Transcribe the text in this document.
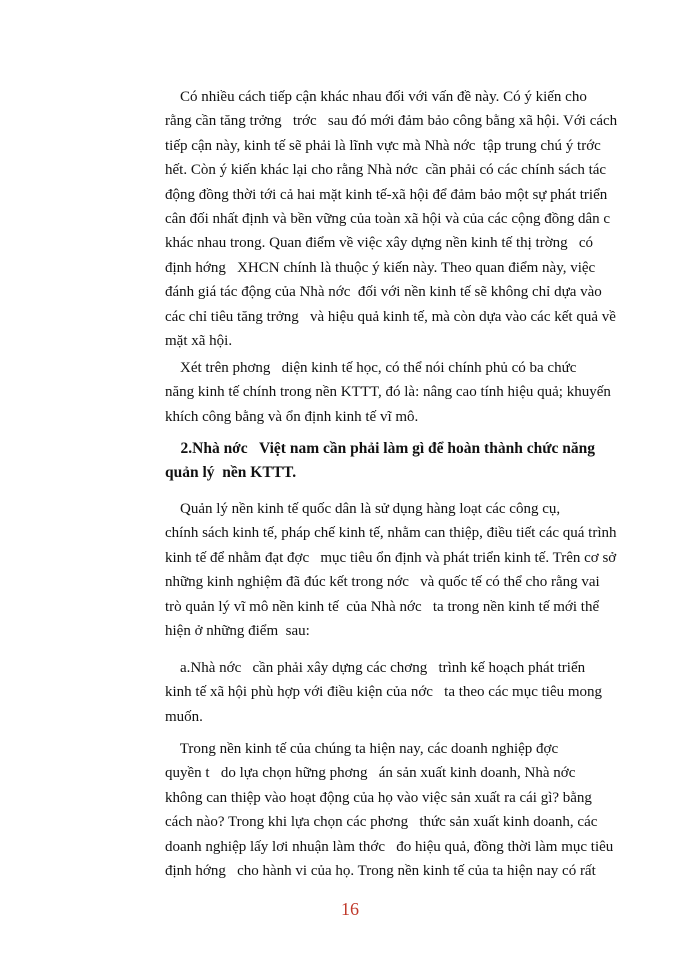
Có nhiều cách tiếp cận khác nhau đối với vấn đề này. Có ý kiến cho
rằng cần tăng trởng   trớc   sau đó mới đảm bảo công bằng xã hội. Với cách
tiếp cận này, kinh tế sẽ phải là lĩnh vực mà Nhà nớc  tập trung chú ý trớc
hết. Còn ý kiến khác lại cho rằng Nhà nớc  cần phải có các chính sách tác
động đồng thời tới cả hai mặt kinh tế-xã hội để đảm bảo một sự phát triển
cân đối nhất định và bền vững của toàn xã hội và của các cộng đồng dân c
khác nhau trong. Quan điểm về việc xây dựng nền kinh tế thị trờng   có
định hớng   XHCN chính là thuộc ý kiến này. Theo quan điểm này, việc
đánh giá tác động của Nhà nớc  đối với nền kinh tế sẽ không chỉ dựa vào
các chỉ tiêu tăng trởng   và hiệu quả kinh tế, mà còn dựa vào các kết quả về
mặt xã hội.
Xét trên phơng   diện kinh tế học, có thể nói chính phủ có ba chức
năng kinh tế chính trong nền KTTT, đó là: nâng cao tính hiệu quả; khuyến
khích công bằng và ổn định kinh tế vĩ mô.
2.Nhà nớc   Việt nam cần phải làm gì để hoàn thành chức năng
quản lý  nền KTTT.
Quản lý nền kinh tế quốc dân là sử dụng hàng loạt các công cụ,
chính sách kinh tế, pháp chế kinh tế, nhằm can thiệp, điều tiết các quá trình
kinh tế để nhằm đạt đợc   mục tiêu ổn định và phát triển kinh tế. Trên cơ sở
những kinh nghiệm đã đúc kết trong nớc   và quốc tế có thể cho rằng vai
trò quản lý vĩ mô nền kinh tế  của Nhà nớc   ta trong nền kinh tế mới thể
hiện ở những điểm  sau:
a.Nhà nớc   cần phải xây dựng các chơng   trình kế hoạch phát triển
kinh tế xã hội phù hợp với điều kiện của nớc   ta theo các mục tiêu mong
muốn.
Trong nền kinh tế của chúng ta hiện nay, các doanh nghiệp đợc
quyền t   do lựa chọn hững phơng   án sản xuất kinh doanh, Nhà nớc
không can thiệp vào hoạt động của họ vào việc sản xuất ra cái gì? bằng
cách nào? Trong khi lựa chọn các phơng   thức sản xuất kinh doanh, các
doanh nghiệp lấy lơi nhuận làm thớc   đo hiệu quả, đồng thời làm mục tiêu
định hớng   cho hành vi của họ. Trong nền kinh tế của ta hiện nay có rất
16
